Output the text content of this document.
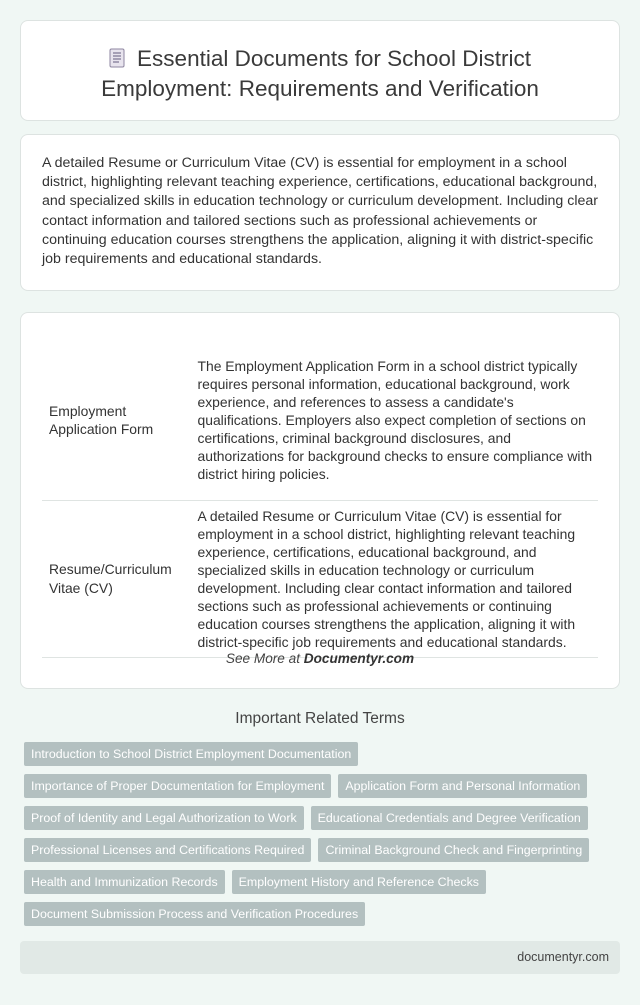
Essential Documents for School District Employment: Requirements and Verification

A detailed Resume or Curriculum Vitae (CV) is essential for employment in a school district, highlighting relevant teaching experience, certifications, educational background, and specialized skills in education technology or curriculum development. Including clear contact information and tailored sections such as professional achievements or continuing education courses strengthens the application, aligning it with district-specific job requirements and educational standards.

Employment Application Form	The Employment Application Form in a school district typically requires personal information, educational background, work experience, and references to assess a candidate's qualifications. Employers also expect completion of sections on certifications, criminal background disclosures, and authorizations for background checks to ensure compliance with district hiring policies.
Resume/Curriculum Vitae (CV)	A detailed Resume or Curriculum Vitae (CV) is essential for employment in a school district, highlighting relevant teaching experience, certifications, educational background, and specialized skills in education technology or curriculum development. Including clear contact information and tailored sections such as professional achievements or continuing education courses strengthens the application, aligning it with district-specific job requirements and educational standards.
See More at Documentyr.com
Important Related Terms
Introduction to School District Employment Documentation
Importance of Proper Documentation for Employment Application Form and Personal Information
Proof of Identity and Legal Authorization to Work Educational Credentials and Degree Verification
Professional Licenses and Certifications Required Criminal Background Check and Fingerprinting
Health and Immunization Records Employment History and Reference Checks
Document Submission Process and Verification Procedures
documentyr.com
